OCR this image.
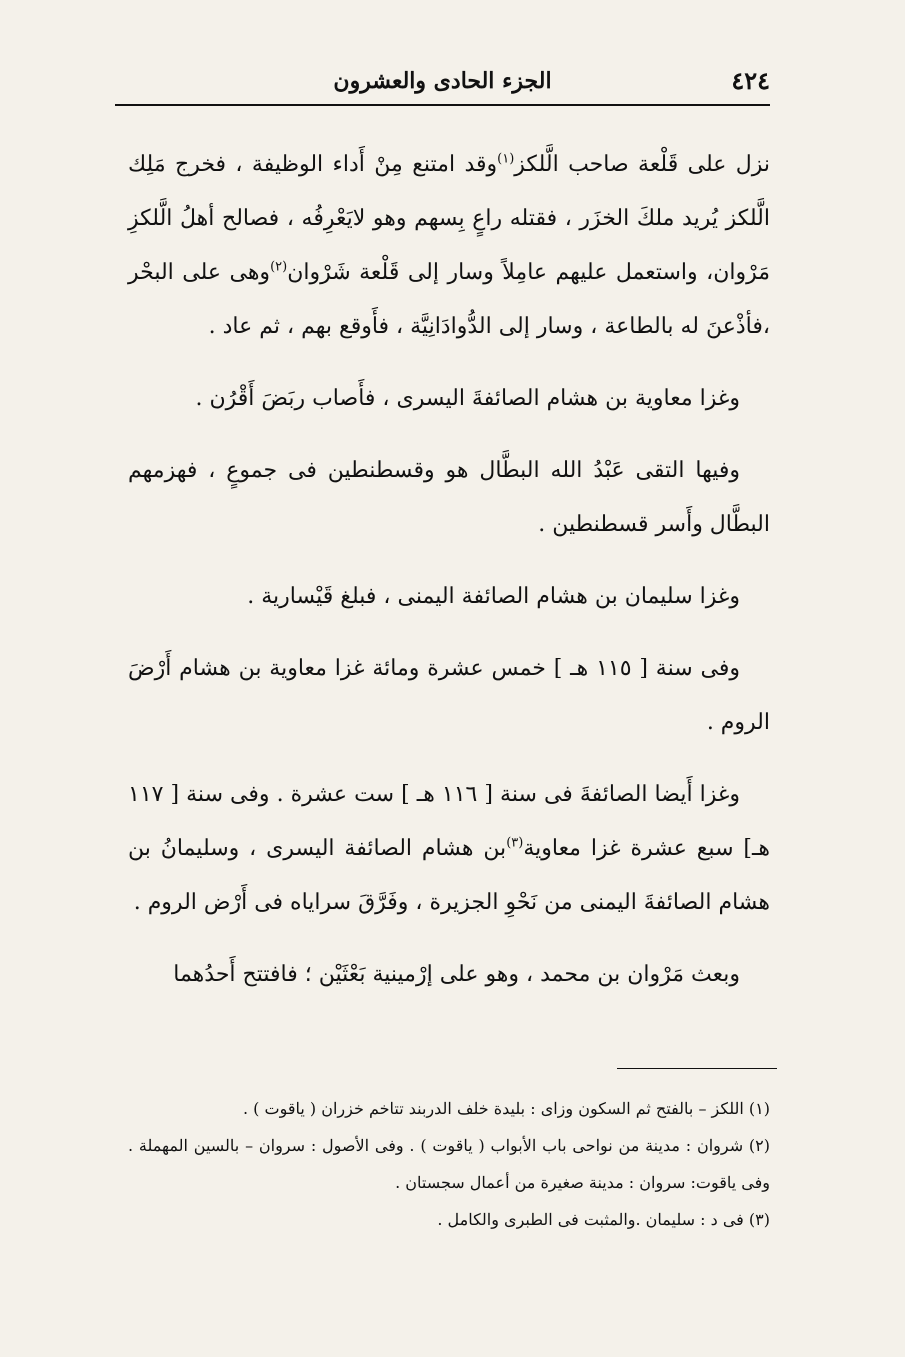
٤٢٤
الجزء الحادى والعشرون

نزل على قَلْعة صاحب الَّلكز$^{(١)}$وقد امتنع مِنْ أَداء الوظيفة ، فخرج مَلِك الَّلكز يُريد ملكَ الخزَر ، فقتله راعٍ بِسهم وهو لايَعْرِفُه ، فصالح أهلُ الَّلكزِ مَرْوان، واستعمل عليهم عامِلاً وسار إلى قَلْعة شَرْوان$^{(٢)}$وهى على البحْر ،فأذْعنَ له بالطاعة ، وسار إلى الدُّوادَانِيَّة ، فأَوقع بهم ، ثم عاد .

وغزا معاوية بن هشام الصائفةَ اليسرى ، فأَصاب ربَضَ أَقْرُن .

وفيها التقى عَبْدُ الله البطَّال هو وقسطنطين فى جموعٍ ، فهزمهم البطَّال وأَسر قسطنطين .

وغزا سليمان بن هشام الصائفة اليمنى ، فبلغ قَيْسارية .

وفى سنة [ ١١٥ هـ ] خمس عشرة ومائة غزا معاوية بن هشام أَرْضَ الروم .

وغزا أَيضا الصائفةَ فى سنة [ ١١٦ هـ ] ست عشرة . وفى سنة [ ١١٧ هـ] سبع عشرة غزا معاوية$^{(٣)}$بن هشام الصائفة اليسرى ، وسليمانُ بن هشام الصائفةَ اليمنى من نَحْوِ الجزيرة ، وفَرَّقَ سراياه فى أَرْض الروم .

وبعث مَرْوان بن محمد ، وهو على إرْمينية بَعْثَيْن ؛ فافتتح أَحدُهما

(١) اللكز – بالفتح ثم السكون وزاى : بليدة خلف الدربند تتاخم خزران ( ياقوت ) .

(٢) شروان : مدينة من نواحى باب الأبواب ( ياقوت ) . وفى الأصول : سروان – بالسين المهملة . وفى ياقوت: سروان : مدينة صغيرة من أعمال سجستان .

(٣) فى د : سليمان .والمثبت فى الطبرى والكامل .
